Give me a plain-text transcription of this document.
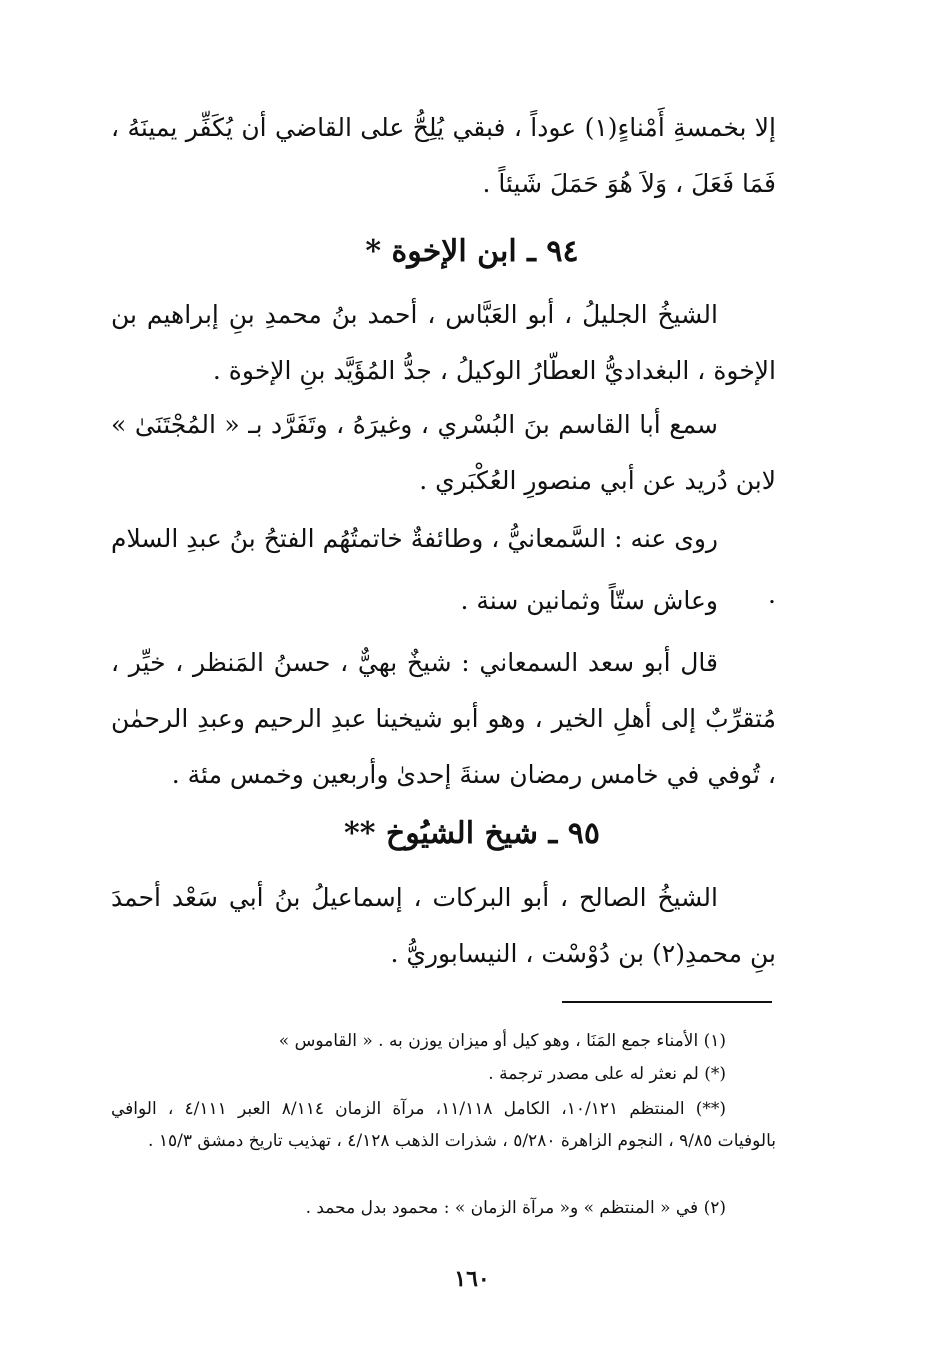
إلا بخمسةِ أَمْناءٍ(١) عوداً ، فبقي يُلِحُّ على القاضي أن يُكَفِّر يمينَهُ ، فَمَا فَعَلَ ، وَلاَ هُوَ حَمَلَ شَيئاً .
٩٤ ـ ابن الإخوة *
الشيخُ الجليلُ ، أبو العَبَّاس ، أحمد بنُ محمدِ بنِ إبراهيم بن الإخوة ، البغداديُّ العطّارُ الوكيلُ ، جدُّ المُؤَيَّد بنِ الإخوة .
سمع أبا القاسم بنَ البُسْري ، وغيرَهُ ، وتَفَرَّد بـ « المُجْتَنَىٰ » لابن دُريد عن أبي منصورِ العُكْبَري .
روى عنه : السَّمعانيُّ ، وطائفةٌ خاتمتُهُم الفتحُ بنُ عبدِ السلام .
وعاش ستّاً وثمانين سنة .
قال أبو سعد السمعاني : شيخٌ بهيٌّ ، حسنُ المَنظر ، خيِّر ، مُتقرِّبٌ إلى أهلِ الخير ، وهو أبو شيخينا عبدِ الرحيم وعبدِ الرحمٰن ، تُوفي في خامس رمضان سنةَ إحدىٰ وأربعين وخمس مئة .
٩٥ ـ شيخ الشيُوخ **
الشيخُ الصالح ، أبو البركات ، إسماعيلُ بنُ أبي سَعْد أحمدَ بنِ محمدِ(٢) بن دُوْسْت ، النيسابوريُّ .
(١) الأمناء جمع المَنَا ، وهو كيل أو ميزان يوزن به . « القاموس »
(*) لم نعثر له على مصدر ترجمة .
(**) المنتظم ١٠/١٢١، الكامل ١١/١١٨، مرآة الزمان ٨/١١٤ العبر ٤/١١١ ، الوافي بالوفيات ٩/٨٥ ، النجوم الزاهرة ٥/٢٨٠ ، شذرات الذهب ٤/١٢٨ ، تهذيب تاريخ دمشق ١٥/٣ .
(٢) في « المنتظم » و« مرآة الزمان » : محمود بدل محمد .
١٦٠
